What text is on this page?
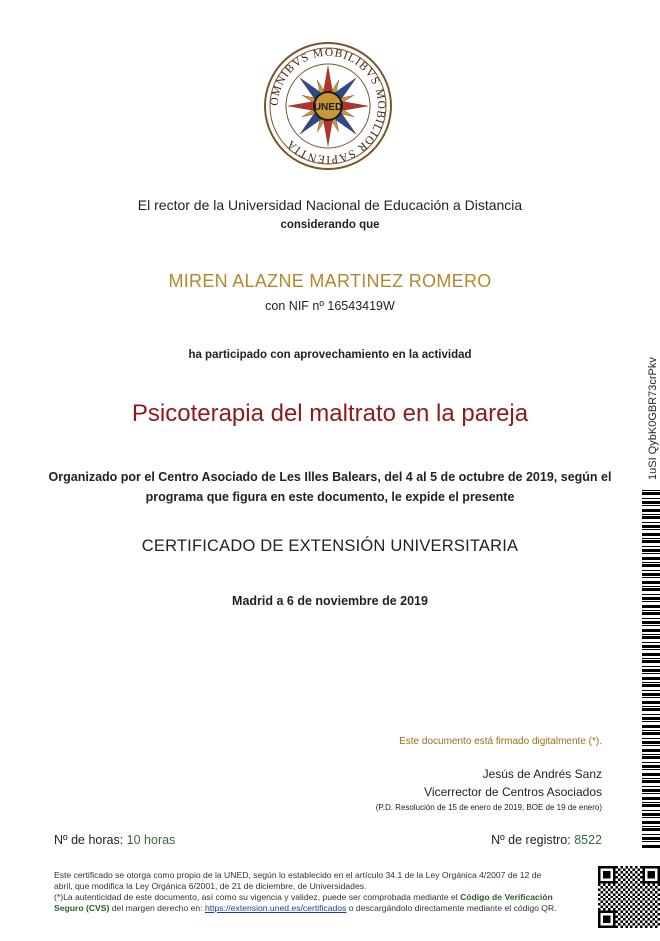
OMNIBVS MOBILIBVS MOBILIOR SAPIENTIA
UNED
El rector de la Universidad Nacional de Educación a Distancia
considerando que
MIREN ALAZNE MARTINEZ ROMERO
con NIF nº 16543419W
ha participado con aprovechamiento en la actividad
Psicoterapia del maltrato en la pareja
Organizado por el Centro Asociado de Les Illes Balears, del 4 al 5 de octubre de 2019, según el programa que figura en este documento, le expide el presente
CERTIFICADO DE EXTENSIÓN UNIVERSITARIA
Madrid a 6 de noviembre de 2019
Este documento está firmado digitalmente (*).
Jesús de Andrés Sanz
Vicerrector de Centros Asociados
(P.D. Resolución de 15 de enero de 2019, BOE de 19 de enero)
Nº de horas: 10 horas	Nº de registro: 8522
Este certificado se otorga como propio de la UNED, según lo establecido en el artículo 34.1 de la Ley Orgánica 4/2007 de 12 de abril, que modifica la Ley Orgánica 6/2001, de 21 de diciembre, de Universidades.
(*)La autenticidad de este documento, así como su vigencia y validez, puede ser comprobada mediante el Código de Verificación Seguro (CVS) del margen derecho en: https://extension.uned.es/certificados o descargándolo directamente mediante el código QR.
1uSI QybK0GBR73crPkv
